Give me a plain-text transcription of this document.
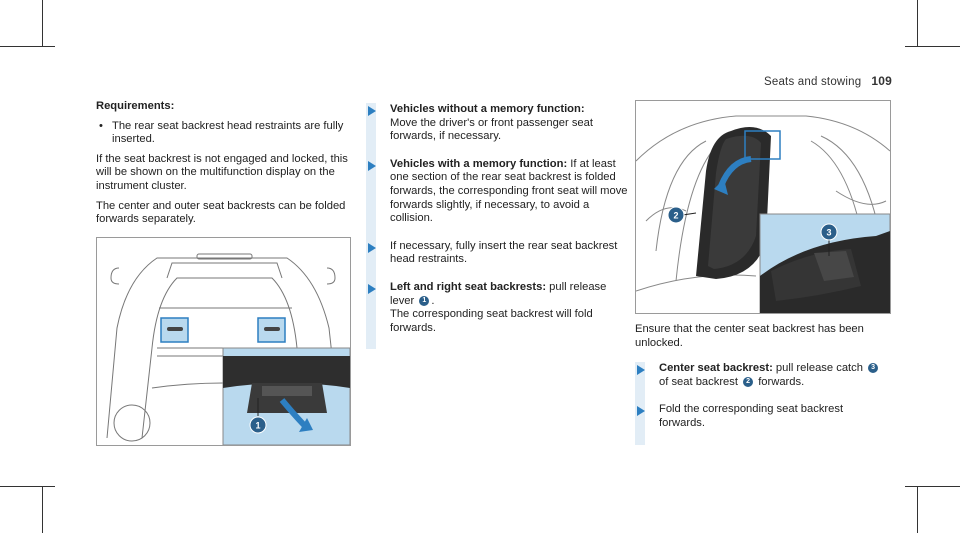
Seats and stowing 109

Requirements:

• The rear seat backrest head restraints are fully inserted.

If the seat backrest is not engaged and locked, this will be shown on the multifunction display on the instrument cluster.

The center and outer seat backrests can be folded forwards separately.

1
Vehicles without a memory function:
Move the driver's or front passenger seat forwards, if necessary.
Vehicles with a memory function: If at least one section of the rear seat backrest is folded forwards, the corresponding front seat will move forwards slightly, if necessary, to avoid a collision.
If necessary, fully insert the rear seat backrest head restraints.
Left and right seat backrests: pull release lever 1 .
The corresponding seat backrest will fold forwards.
2
3

Ensure that the center seat backrest has been unlocked.

Center seat backrest: pull release catch 3
of seat backrest 2 forwards.
Fold the corresponding seat backrest forwards.
